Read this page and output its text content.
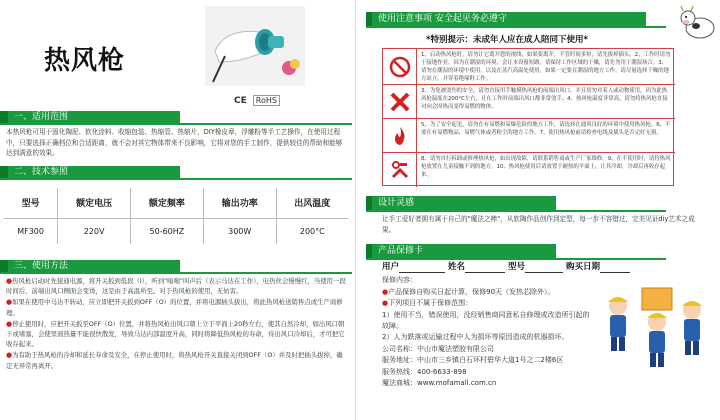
热风枪
CE	RoHS
一、适用范围
本热风枪可用于固化陶泥、软化涂料、收缩包装、热缩管、热缩片，DIY橡皮章，浮雕粉等手工艺操作，在使用过程中，只要选择正确档位和合适距离，就不会对其它物体带来不良影响，它将对您的手工制作，提供较佳的帮助和能够达到满意的效果。
二、技术参照
型号	额定电压	额定频率	输出功率	出风温度
MF300	220V	50-60HZ	300W	200°C
三、使用方法

●热风枪启动时先接通电源，将开关扳到低段（I），听到"嗡嗡"叫声后（表示马达在工作），电热丝会慢慢红，当使用一段时间后，前端出风口侧面会变烫，这是由于高温所至。对于热风枪的使用，无妨害。

●如果在使用中马达不转动，应立即把开关扳到OFF（O）的位置，并将电源插头拔出，将此热风枪送销售点或生产商修理。

●停止使用时，应把开关扳至OFF（O）位置，并将热风枪出风口朝上立于平面上20秒左右，使其自然冷却，如出风口朝下或堵塞，会使里面热量不能很快散发，导致马达内部温度升高，同时将降低热风枪的寿命，待出风口冷却后，才可把它收存起来。

●为有助于热风枪的冷却和延长寿命及安全，在停止使用时，将热风枪开关直接关闭到OFF（O）并及时把插头拔掉，确定无异常再离开。

使用注意事项 安全起见务必遵守
*特别提示：未成年人应在成人陪同下使用*
1、启动热风枪时，请勿让它离开您的视线，如果要离开，不管时间多短，请先拔掉插头。2、工作时请勿于接地作业，因为在潮湿的环境，会让本设备短路，请保持工作区域的干燥，请先勿用于潮湿场合。3、请勿在潮湿的环境中使用，以及在蒸汽高温处使用，如果一定要在潮湿的地方工作，请尽量选择干燥的地方站立，并穿着绝缘鞋工作。
3、为免被烫伤的安全，请勿直接用手触摸热风枪的前端出风口，并且切勿对着人或动物使用，因为此热风枪温度在200°C左右，且在工作时前端出风口都非常烫手。4、热风枪温度非常高，请勿将热风枪直接对向会因热而变得易燃的物体。
5、为了安全起见，请勿在有易燃和易爆危险的地方工作，请选择在通风良好的环境中使用热风枪。6、不要在有易燃物品、易燃气体或者粉尘的地方工作。7、使用热风枪前请检查电线及插头是否完好无损。
8、请勿自行拆卸或修理热风枪，如出现故障，请联系销售商或生产厂家维修。9、在不使用时，请将热风枪放置在儿童接触不到的地方。10、热风枪使用后请放置于耐热的平面上，让其冷却，冷却后再收存起来。
设计灵感
让手工爱好者拥有属于自己的"魔法之棒"，从软陶作品创作到定型，每一步不容错过，完美见证diy艺术之成果。
产品保修卡
用户	姓名	型号	购买日期
保修内容：
●产品保修自购买日起计算，保修90天（发热芯除外）。
●下列项目不属于保修范围：
1）使用不当，错误使用，没经销售商同意私自修理或改造所引起的故障。
2）人为跌落或运输过程中人为损坏等原因造成的机器损坏。
公司名称：中山市魔法塑胶有限公司
服务地址：中山市三乡镇白石环村碧华大道1号之二2楼6区
服务热线：400-6633-898
魔法商城：www.mofamall.com.cn
